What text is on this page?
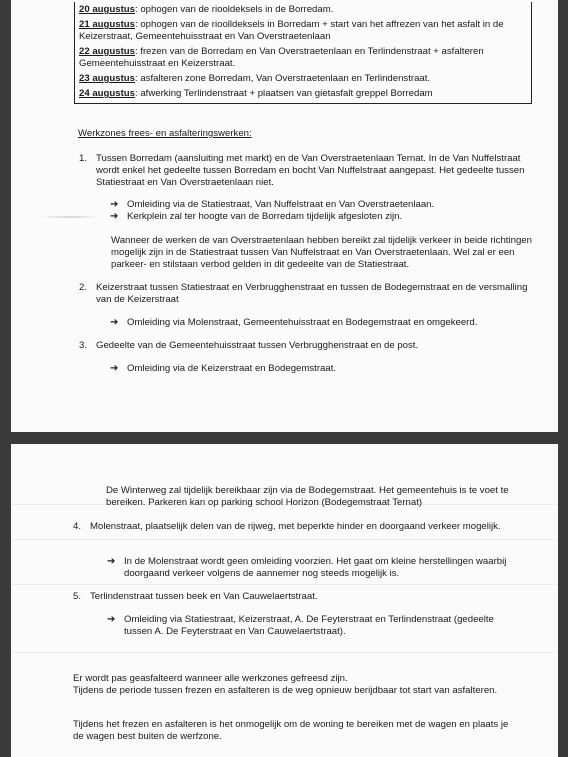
20 augustus: ophogen van de riooldeksels in de Borredam.
21 augustus: ophogen van de rioolldeksels in Borredam + start van het affrezen van het asfalt in de Keizerstraat, Gemeentehuisstraat en Van Overstraetenlaan
22 augustus: frezen van de Borredam en Van Overstraetenlaan en Terlindenstraat + asfalteren Gemeentehuisstraat en Keizerstraat.
23 augustus: asfalteren zone Borredam, Van Overstraetenlaan en Terlindenstraat.
24 augustus: afwerking Terlindenstraat + plaatsen van gietasfalt greppel Borredam
Werkzones frees- en asfalteringswerken:
1. Tussen Borredam (aansluiting met markt) en de Van Overstraetenlaan Ternat. In de Van Nuffelstraat wordt enkel het gedeelte tussen Borredam en bocht Van Nuffelstraat aangepast. Het gedeelte tussen Statiestraat en Van Overstraetenlaan niet.
➔ Omleiding via de Statiestraat, Van Nuffelstraat en Van Overstraetenlaan.
➔ Kerkplein zal ter hoogte van de Borredam tijdelijk afgesloten zijn.
Wanneer de werken de van Overstraetenlaan hebben bereikt zal tijdelijk verkeer in beide richtingen mogelijk zijn in de Statiestraat tussen Van Nuffelstraat en Van Overstraetenlaan. Wel zal er een parkeer- en stilstaan verbod gelden in dit gedeelte van de Statiestraat.
2. Keizerstraat tussen Statiestraat en Verbrugghenstraat en tussen de Bodegemstraat en de versmalling van de Keizerstraat
➔ Omleiding via Molenstraat, Gemeentehuisstraat en Bodegemstraat en omgekeerd.
3. Gedeelte van de Gemeentehuisstraat tussen Verbrugghenstraat en de post.
➔ Omleiding via de Keizerstraat en Bodegemstraat.
De Winterweg zal tijdelijk bereikbaar zijn via de Bodegemstraat. Het gemeentehuis is te voet te bereiken. Parkeren kan op parking school Horizon (Bodegemstraat Ternat)
4. Molenstraat, plaatselijk delen van de rijweg, met beperkte hinder en doorgaand verkeer mogelijk.
➔ In de Molenstraat wordt geen omleiding voorzien. Het gaat om kleine herstellingen waarbij doorgaand verkeer volgens de aannemer nog steeds mogelijk is.
5. Terlindenstraat tussen beek en Van Cauwelaertstraat.
➔ Omleiding via Statiestraat, Keizerstraat, A. De Feyterstraat en Terlindenstraat (gedeelte tussen A. De Feyterstraat en Van Cauwelaertstraat).
Er wordt pas geasfalteerd wanneer alle werkzones gefreesd zijn.
Tijdens de periode tussen frezen en asfalteren is de weg opnieuw berijdbaar tot start van asfalteren.
Tijdens het frezen en asfalteren is het onmogelijk om de woning te bereiken met de wagen en plaats je de wagen best buiten de werfzone.
